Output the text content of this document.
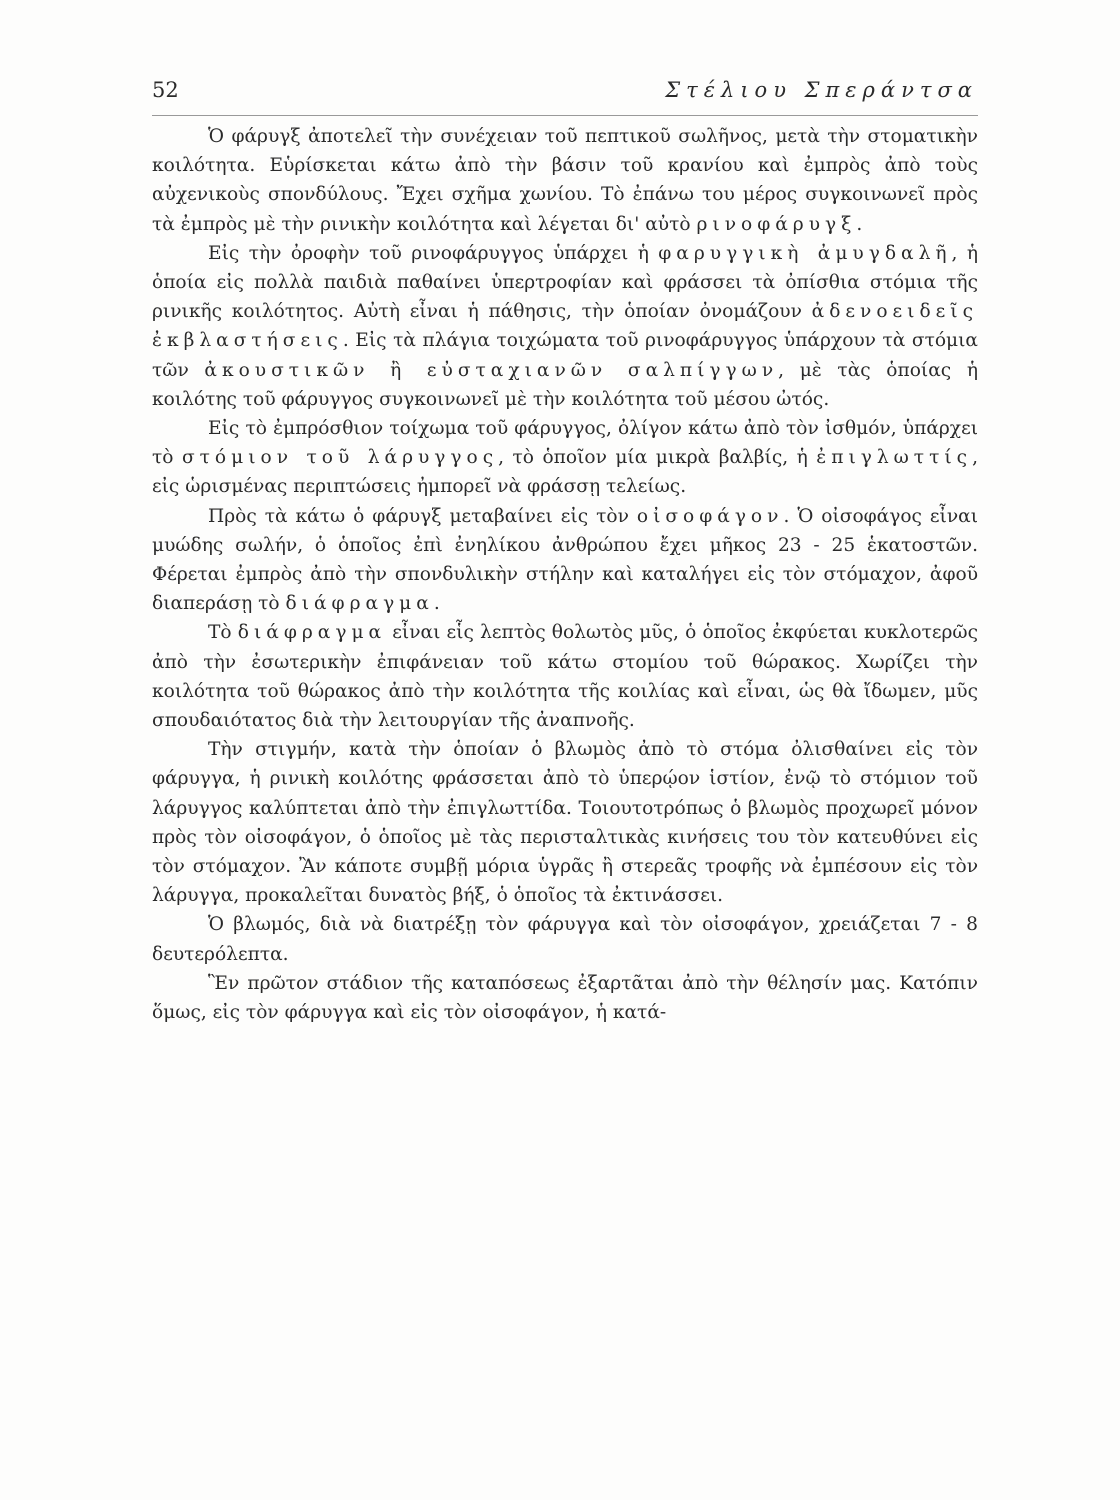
52	Στέλιου Σπεράντσα

Ὁ φάρυγξ ἀποτελεῖ τὴν συνέχειαν τοῦ πεπτικοῦ σωλῆνος, μετὰ τὴν στοματικὴν κοιλότητα. Εὑρίσκεται κάτω ἀπὸ τὴν βάσιν τοῦ κρανίου καὶ ἐμπρὸς ἀπὸ τοὺς αὐχενικοὺς σπονδύλους. Ἔχει σχῆμα χωνίου. Τὸ ἐπάνω του μέρος συγκοινωνεῖ πρὸς τὰ ἐμπρὸς μὲ τὴν ρινικὴν κοιλότητα καὶ λέγεται δι' αὐτὸ ρινοφάρυγξ.

Εἰς τὴν ὀροφὴν τοῦ ρινοφάρυγγος ὑπάρχει ἡ φαρυγγικὴ ἀμυγδαλῆ, ἡ ὁποία εἰς πολλὰ παιδιὰ παθαίνει ὑπερτροφίαν καὶ φράσσει τὰ ὀπίσθια στόμια τῆς ρινικῆς κοιλότητος. Αὐτὴ εἶναι ἡ πάθησις, τὴν ὁποίαν ὀνομάζουν ἀδενοειδεῖς ἐκβλαστήσεις. Εἰς τὰ πλάγια τοιχώματα τοῦ ρινοφάρυγγος ὑπάρχουν τὰ στόμια τῶν ἀκουστικῶν ἢ εὐσταχιανῶν σαλπίγγων, μὲ τὰς ὁποίας ἡ κοιλότης τοῦ φάρυγγος συγκοινωνεῖ μὲ τὴν κοιλότητα τοῦ μέσου ὠτός.

Εἰς τὸ ἐμπρόσθιον τοίχωμα τοῦ φάρυγγος, ὀλίγον κάτω ἀπὸ τὸν ἰσθμόν, ὑπάρχει τὸ στόμιον τοῦ λάρυγγος, τὸ ὁποῖον μία μικρὰ βαλβίς, ἡ ἐπιγλωττίς, εἰς ὡρισμένας περιπτώσεις ἠμπορεῖ νὰ φράσσῃ τελείως.

Πρὸς τὰ κάτω ὁ φάρυγξ μεταβαίνει εἰς τὸν οἰσοφάγον. Ὁ οἰσοφάγος εἶναι μυώδης σωλήν, ὁ ὁποῖος ἐπὶ ἐνηλίκου ἀνθρώπου ἔχει μῆκος 23 - 25 ἑκατοστῶν. Φέρεται ἐμπρὸς ἀπὸ τὴν σπονδυλικὴν στήλην καὶ καταλήγει εἰς τὸν στόμαχον, ἀφοῦ διαπεράσῃ τὸ διάφραγμα.

Τὸ διάφραγμα εἶναι εἷς λεπτὸς θολωτὸς μῦς, ὁ ὁποῖος ἐκφύεται κυκλοτερῶς ἀπὸ τὴν ἐσωτερικὴν ἐπιφάνειαν τοῦ κάτω στομίου τοῦ θώρακος. Χωρίζει τὴν κοιλότητα τοῦ θώρακος ἀπὸ τὴν κοιλότητα τῆς κοιλίας καὶ εἶναι, ὡς θὰ ἴδωμεν, μῦς σπουδαιότατος διὰ τὴν λειτουργίαν τῆς ἀναπνοῆς.

Τὴν στιγμήν, κατὰ τὴν ὁποίαν ὁ βλωμὸς ἀπὸ τὸ στόμα ὀλισθαίνει εἰς τὸν φάρυγγα, ἡ ρινικὴ κοιλότης φράσσεται ἀπὸ τὸ ὑπερῴον ἱστίον, ἐνῷ τὸ στόμιον τοῦ λάρυγγος καλύπτεται ἀπὸ τὴν ἐπιγλωττίδα. Τοιουτοτρόπως ὁ βλωμὸς προχωρεῖ μόνον πρὸς τὸν οἰσοφάγον, ὁ ὁποῖος μὲ τὰς περισταλτικὰς κινήσεις του τὸν κατευθύνει εἰς τὸν στόμαχον. Ἂν κάποτε συμβῇ μόρια ὑγρᾶς ἢ στερεᾶς τροφῆς νὰ ἐμπέσουν εἰς τὸν λάρυγγα, προκαλεῖται δυνατὸς βήξ, ὁ ὁποῖος τὰ ἐκτινάσσει.

Ὁ βλωμός, διὰ νὰ διατρέξῃ τὸν φάρυγγα καὶ τὸν οἰσοφάγον, χρειάζεται 7 - 8 δευτερόλεπτα.

Ἓν πρῶτον στάδιον τῆς καταπόσεως ἐξαρτᾶται ἀπὸ τὴν θέλησίν μας. Κατόπιν ὅμως, εἰς τὸν φάρυγγα καὶ εἰς τὸν οἰσοφάγον, ἡ κατά-
